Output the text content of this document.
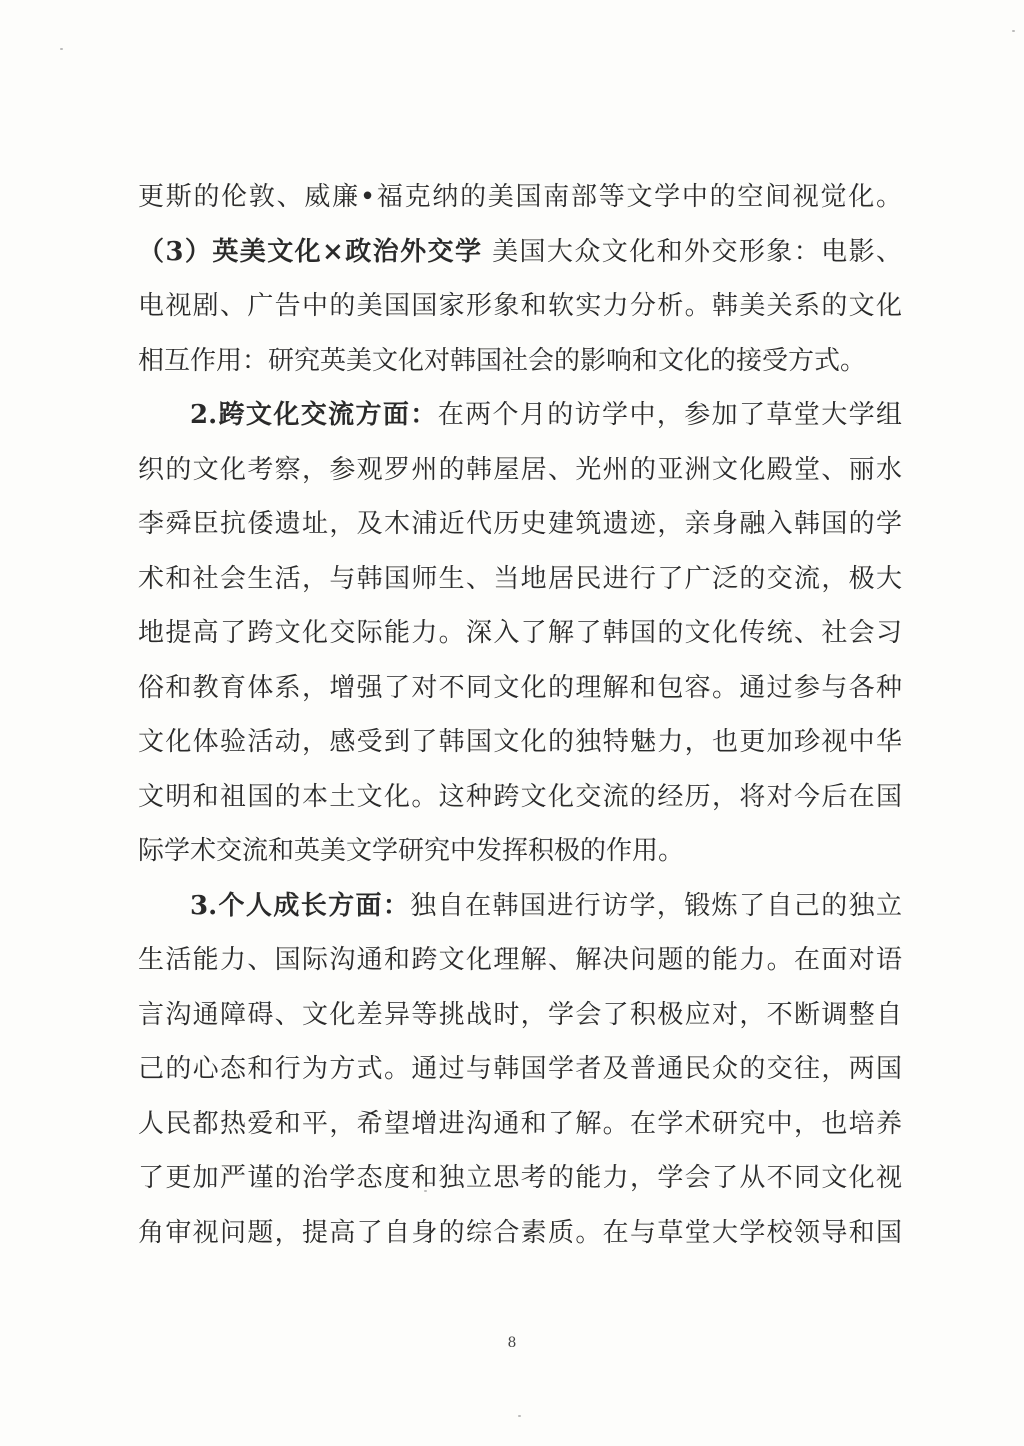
更斯的伦敦、威廉•福克纳的美国南部等文学中的空间视觉化。
（3）英美文化×政治外交学 美国大众文化和外交形象：电影、
电视剧、广告中的美国国家形象和软实力分析。韩美关系的文化
相互作用：研究英美文化对韩国社会的影响和文化的接受方式。
2.跨文化交流方面：在两个月的访学中，参加了草堂大学组
织的文化考察，参观罗州的韩屋居、光州的亚洲文化殿堂、丽水
李舜臣抗倭遗址，及木浦近代历史建筑遗迹，亲身融入韩国的学
术和社会生活，与韩国师生、当地居民进行了广泛的交流，极大
地提高了跨文化交际能力。深入了解了韩国的文化传统、社会习
俗和教育体系，增强了对不同文化的理解和包容。通过参与各种
文化体验活动，感受到了韩国文化的独特魅力，也更加珍视中华
文明和祖国的本土文化。这种跨文化交流的经历，将对今后在国
际学术交流和英美文学研究中发挥积极的作用。
3.个人成长方面：独自在韩国进行访学，锻炼了自己的独立
生活能力、国际沟通和跨文化理解、解决问题的能力。在面对语
言沟通障碍、文化差异等挑战时，学会了积极应对，不断调整自
己的心态和行为方式。通过与韩国学者及普通民众的交往，两国
人民都热爱和平，希望增进沟通和了解。在学术研究中，也培养
了更加严谨的治学态度和独立思考的能力，学会了从不同文化视
角审视问题，提高了自身的综合素质。在与草堂大学校领导和国
8
